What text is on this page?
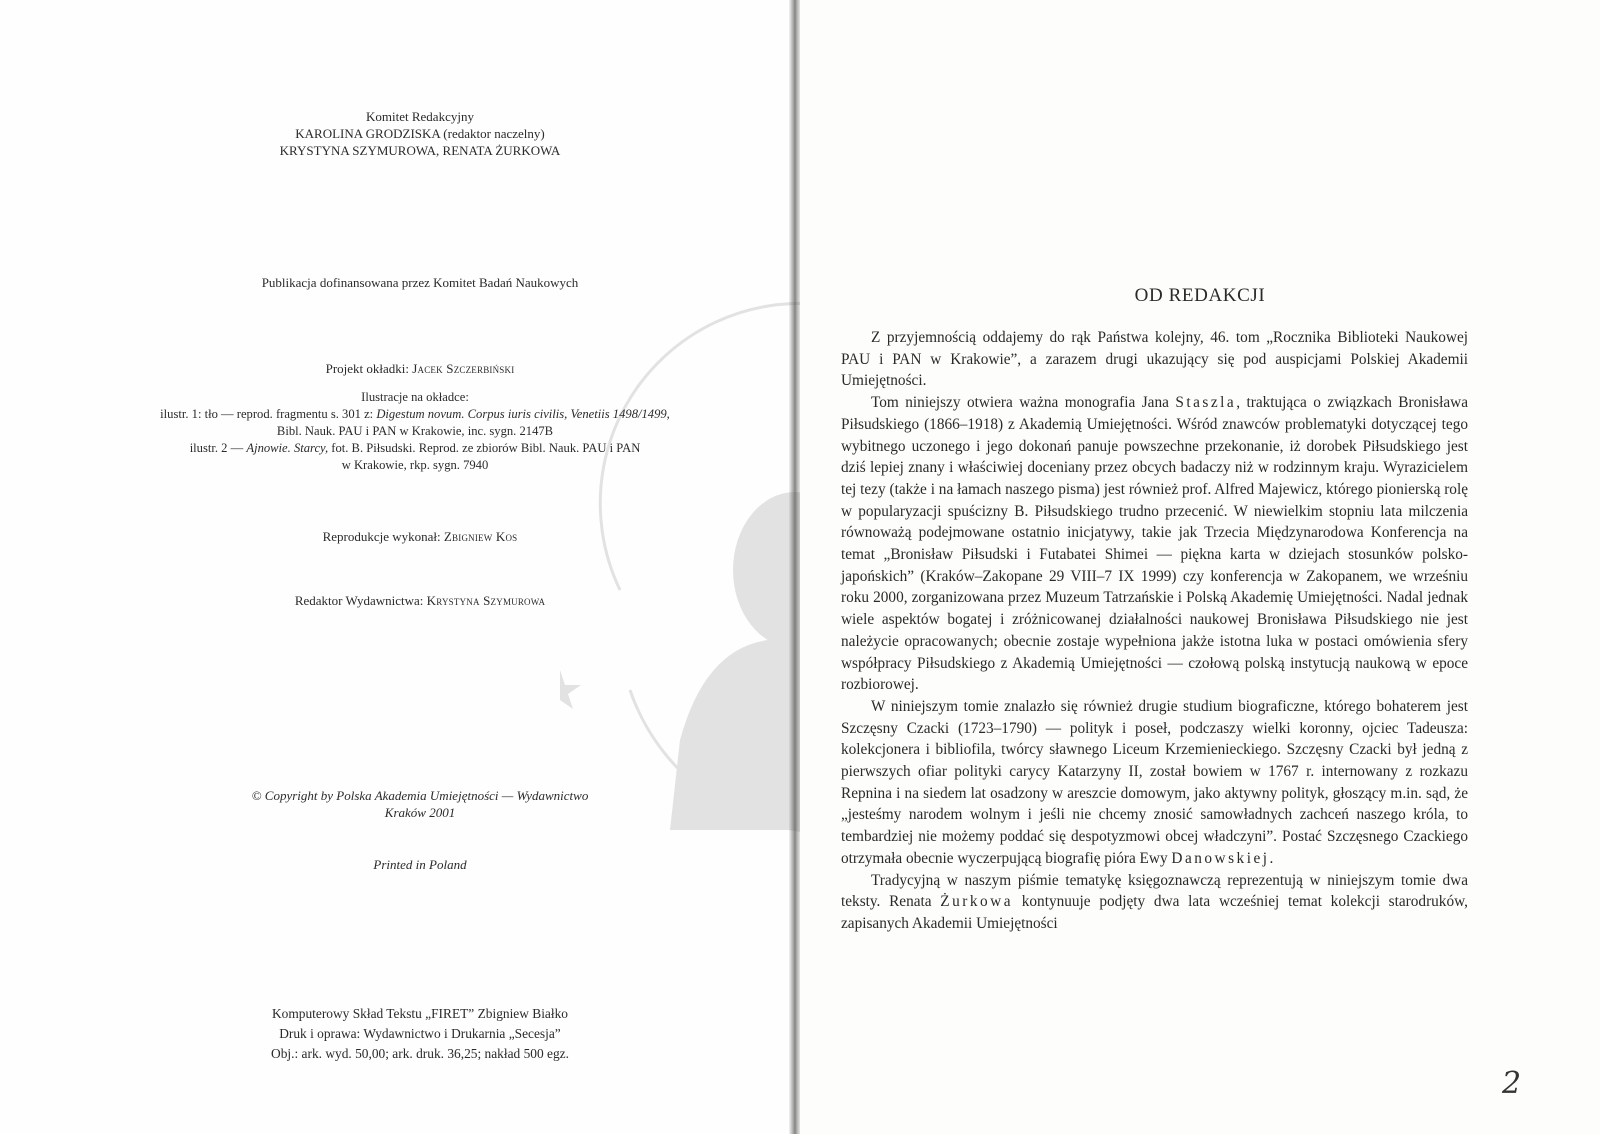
Komitet Redakcyjny
KAROLINA GRODZISKA (redaktor naczelny)
KRYSTYNA SZYMUROWA, RENATA ŻURKOWA
Publikacja dofinansowana przez Komitet Badań Naukowych
Projekt okładki: Jacek Szczerbiński
Ilustracje na okładce:
ilustr. 1: tło — reprod. fragmentu s. 301 z: Digestum novum. Corpus iuris civilis, Venetiis 1498/1499,
Bibl. Nauk. PAU i PAN w Krakowie, inc. sygn. 2147B
ilustr. 2 — Ajnowie. Starcy, fot. B. Piłsudski. Reprod. ze zbiorów Bibl. Nauk. PAU i PAN
w Krakowie, rkp. sygn. 7940
Reprodukcje wykonał: Zbigniew Kos
Redaktor Wydawnictwa: Krystyna Szymurowa
© Copyright by Polska Akademia Umiejętności — Wydawnictwo
Kraków 2001
Printed in Poland
Komputerowy Skład Tekstu „FIRET” Zbigniew Białko
Druk i oprawa: Wydawnictwo i Drukarnia „Secesja”
Obj.: ark. wyd. 50,00; ark. druk. 36,25; nakład 500 egz.
OD REDAKCJI

Z przyjemnością oddajemy do rąk Państwa kolejny, 46. tom „Rocznika Biblioteki Naukowej PAU i PAN w Krakowie”, a zarazem drugi ukazujący się pod auspicjami Polskiej Akademii Umiejętności.

Tom niniejszy otwiera ważna monografia Jana Staszla, traktująca o związkach Bronisława Piłsudskiego (1866–1918) z Akademią Umiejętności. Wśród znawców problematyki dotyczącej tego wybitnego uczonego i jego dokonań panuje powszechne przekonanie, iż dorobek Piłsudskiego jest dziś lepiej znany i właściwiej doceniany przez obcych badaczy niż w rodzinnym kraju. Wyrazicielem tej tezy (także i na łamach naszego pisma) jest również prof. Alfred Majewicz, którego pionierską rolę w popularyzacji spuścizny B. Piłsudskiego trudno przecenić. W niewielkim stopniu lata milczenia równoważą podejmowane ostatnio inicjatywy, takie jak Trzecia Międzynarodowa Konferencja na temat „Bronisław Piłsudski i Futabatei Shimei — piękna karta w dziejach stosunków polsko-japońskich” (Kraków–Zakopane 29 VIII–7 IX 1999) czy konferencja w Zakopanem, we wrześniu roku 2000, zorganizowana przez Muzeum Tatrzańskie i Polską Akademię Umiejętności. Nadal jednak wiele aspektów bogatej i zróżnicowanej działalności naukowej Bronisława Piłsudskiego nie jest należycie opracowanych; obecnie zostaje wypełniona jakże istotna luka w postaci omówienia sfery współpracy Piłsudskiego z Akademią Umiejętności — czołową polską instytucją naukową w epoce rozbiorowej.

W niniejszym tomie znalazło się również drugie studium biograficzne, którego bohaterem jest Szczęsny Czacki (1723–1790) — polityk i poseł, podczaszy wielki koronny, ojciec Tadeusza: kolekcjonera i bibliofila, twórcy sławnego Liceum Krzemienieckiego. Szczęsny Czacki był jedną z pierwszych ofiar polityki carycy Katarzyny II, został bowiem w 1767 r. internowany z rozkazu Repnina i na siedem lat osadzony w areszcie domowym, jako aktywny polityk, głoszący m.in. sąd, że „jesteśmy narodem wolnym i jeśli nie chcemy znosić samowładnych zachceń naszego króla, to tembardziej nie możemy poddać się despotyzmowi obcej władczyni”. Postać Szczęsnego Czackiego otrzymała obecnie wyczerpującą biografię pióra Ewy Danowskiej.

Tradycyjną w naszym piśmie tematykę księgoznawczą reprezentują w niniejszym tomie dwa teksty. Renata Żurkowa kontynuuje podjęty dwa lata wcześniej temat kolekcji starodruków, zapisanych Akademii Umiejętności

2
